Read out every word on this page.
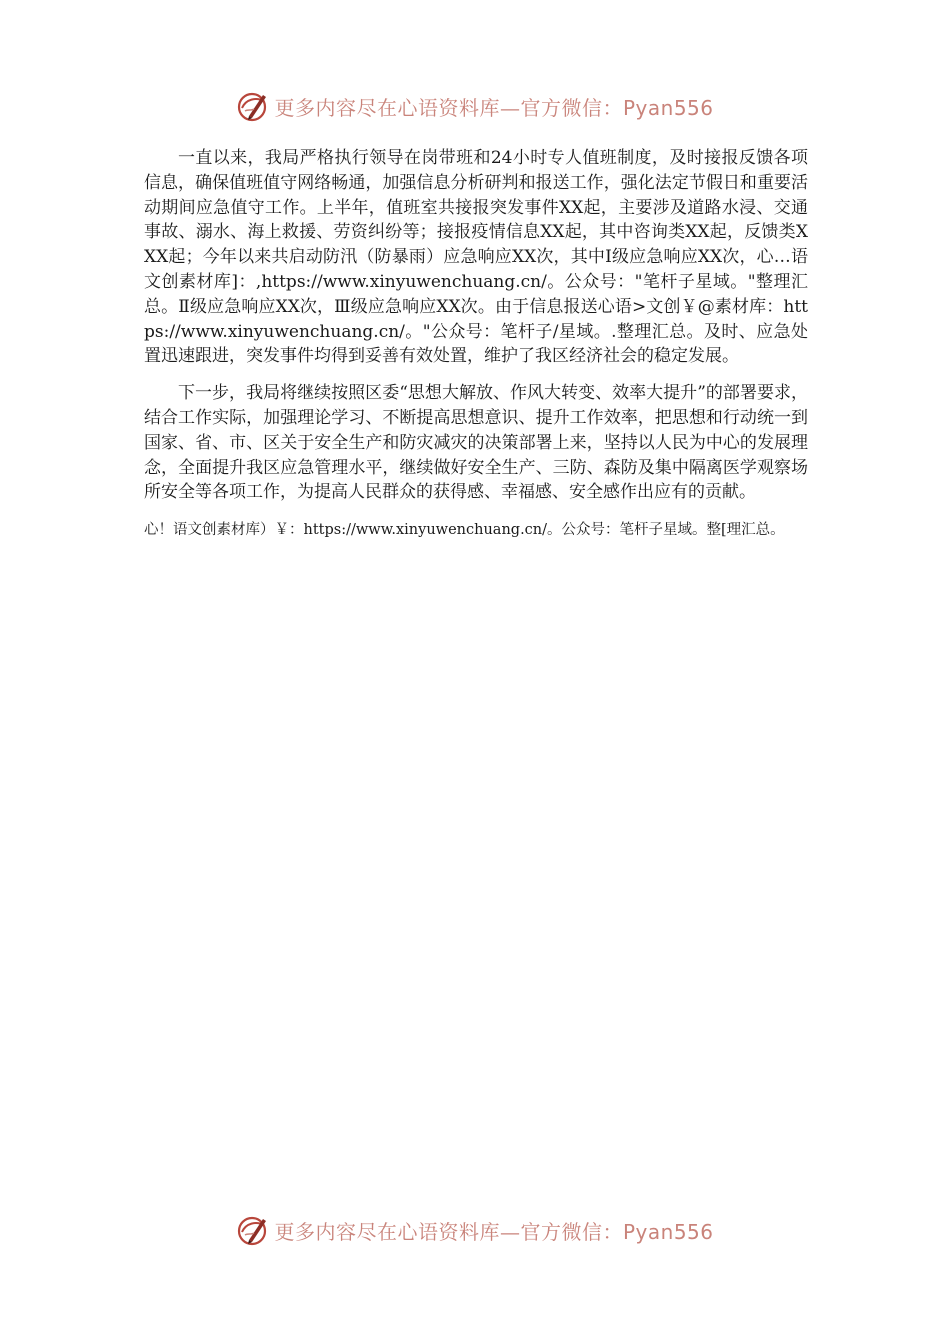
更多内容尽在心语资料库—官方微信：Pyan556

一直以来，我局严格执行领导在岗带班和24小时专人值班制度，及时接报反馈各项信息，确保值班值守网络畅通，加强信息分析研判和报送工作，强化法定节假日和重要活动期间应急值守工作。上半年，值班室共接报突发事件XX起，主要涉及道路水浸、交通事故、溺水、海上救援、劳资纠纷等；接报疫情信息XX起，其中咨询类XX起，反馈类XXX起；今年以来共启动防汛（防暴雨）应急响应XX次，其中Ⅰ级应急响应XX次，心…语文创素材库]：,https://www.xinyuwenchuang.cn/。公众号："笔杆子星域。"整理汇总。Ⅱ级应急响应XX次，Ⅲ级应急响应XX次。由于信息报送心语>文创￥@素材库：https://www.xinyuwenchuang.cn/。"公众号：笔杆子/星域。.整理汇总。及时、应急处置迅速跟进，突发事件均得到妥善有效处置，维护了我区经济社会的稳定发展。

下一步，我局将继续按照区委“思想大解放、作风大转变、效率大提升”的部署要求，结合工作实际，加强理论学习、不断提高思想意识、提升工作效率，把思想和行动统一到国家、省、市、区关于安全生产和防灾减灾的决策部署上来，坚持以人民为中心的发展理念，全面提升我区应急管理水平，继续做好安全生产、三防、森防及集中隔离医学观察场所安全等各项工作，为提高人民群众的获得感、幸福感、安全感作出应有的贡献。

心！语文创素材库）￥：https://www.xinyuwenchuang.cn/。公众号：笔杆子星域。整[理汇总。

更多内容尽在心语资料库—官方微信：Pyan556
